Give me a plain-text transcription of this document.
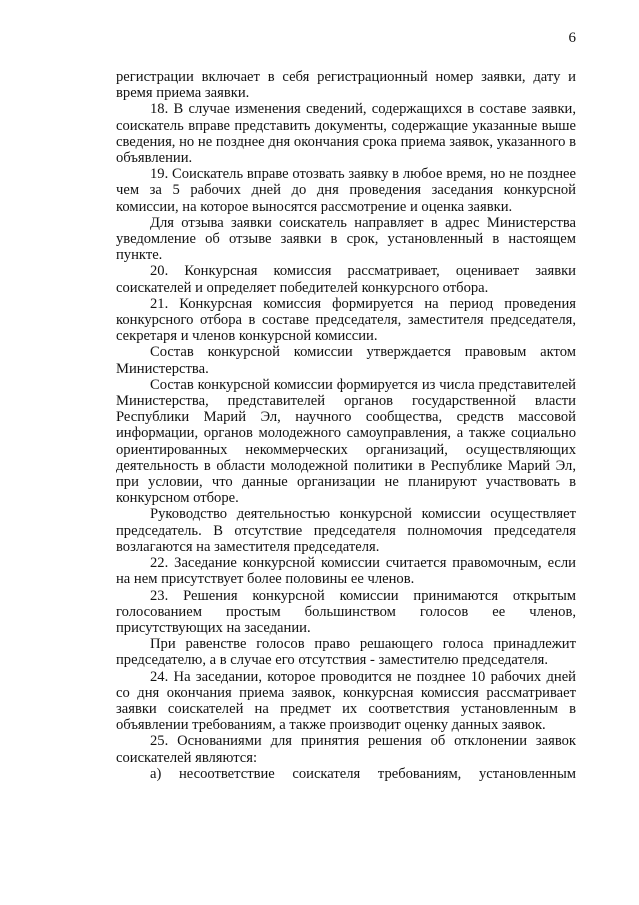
6

регистрации включает в себя регистрационный номер заявки, дату и время приема заявки.

18. В случае изменения сведений, содержащихся в составе заявки, соискатель вправе представить документы, содержащие указанные выше сведения, но не позднее дня окончания срока приема заявок, указанного в объявлении.

19. Соискатель вправе отозвать заявку в любое время, но не позднее чем за 5 рабочих дней до дня проведения заседания конкурсной комиссии, на которое выносятся рассмотрение и оценка заявки.

Для отзыва заявки соискатель направляет в адрес Министерства уведомление об отзыве заявки в срок, установленный в настоящем пункте.

20. Конкурсная комиссия рассматривает, оценивает заявки соискателей и определяет победителей конкурсного отбора.

21. Конкурсная комиссия формируется на период проведения конкурсного отбора в составе председателя, заместителя председателя, секретаря и членов конкурсной комиссии.

Состав конкурсной комиссии утверждается правовым актом Министерства.

Состав конкурсной комиссии формируется из числа представителей Министерства, представителей органов государственной власти Республики Марий Эл, научного сообщества, средств массовой информации, органов молодежного самоуправления, а также социально ориентированных некоммерческих организаций, осуществляющих деятельность в области молодежной политики в Республике Марий Эл, при условии, что данные организации не планируют участвовать в конкурсном отборе.

Руководство деятельностью конкурсной комиссии осуществляет председатель. В отсутствие председателя полномочия председателя возлагаются на заместителя председателя.

22. Заседание конкурсной комиссии считается правомочным, если на нем присутствует более половины ее членов.

23. Решения конкурсной комиссии принимаются открытым голосованием простым большинством голосов ее членов, присутствующих на заседании.

При равенстве голосов право решающего голоса принадлежит председателю, а в случае его отсутствия - заместителю председателя.

24. На заседании, которое проводится не позднее 10 рабочих дней со дня окончания приема заявок, конкурсная комиссия рассматривает заявки соискателей на предмет их соответствия установленным в объявлении требованиям, а также производит оценку данных заявок.

25. Основаниями для принятия решения об отклонении заявок соискателей являются:

а) несоответствие соискателя требованиям, установленным
